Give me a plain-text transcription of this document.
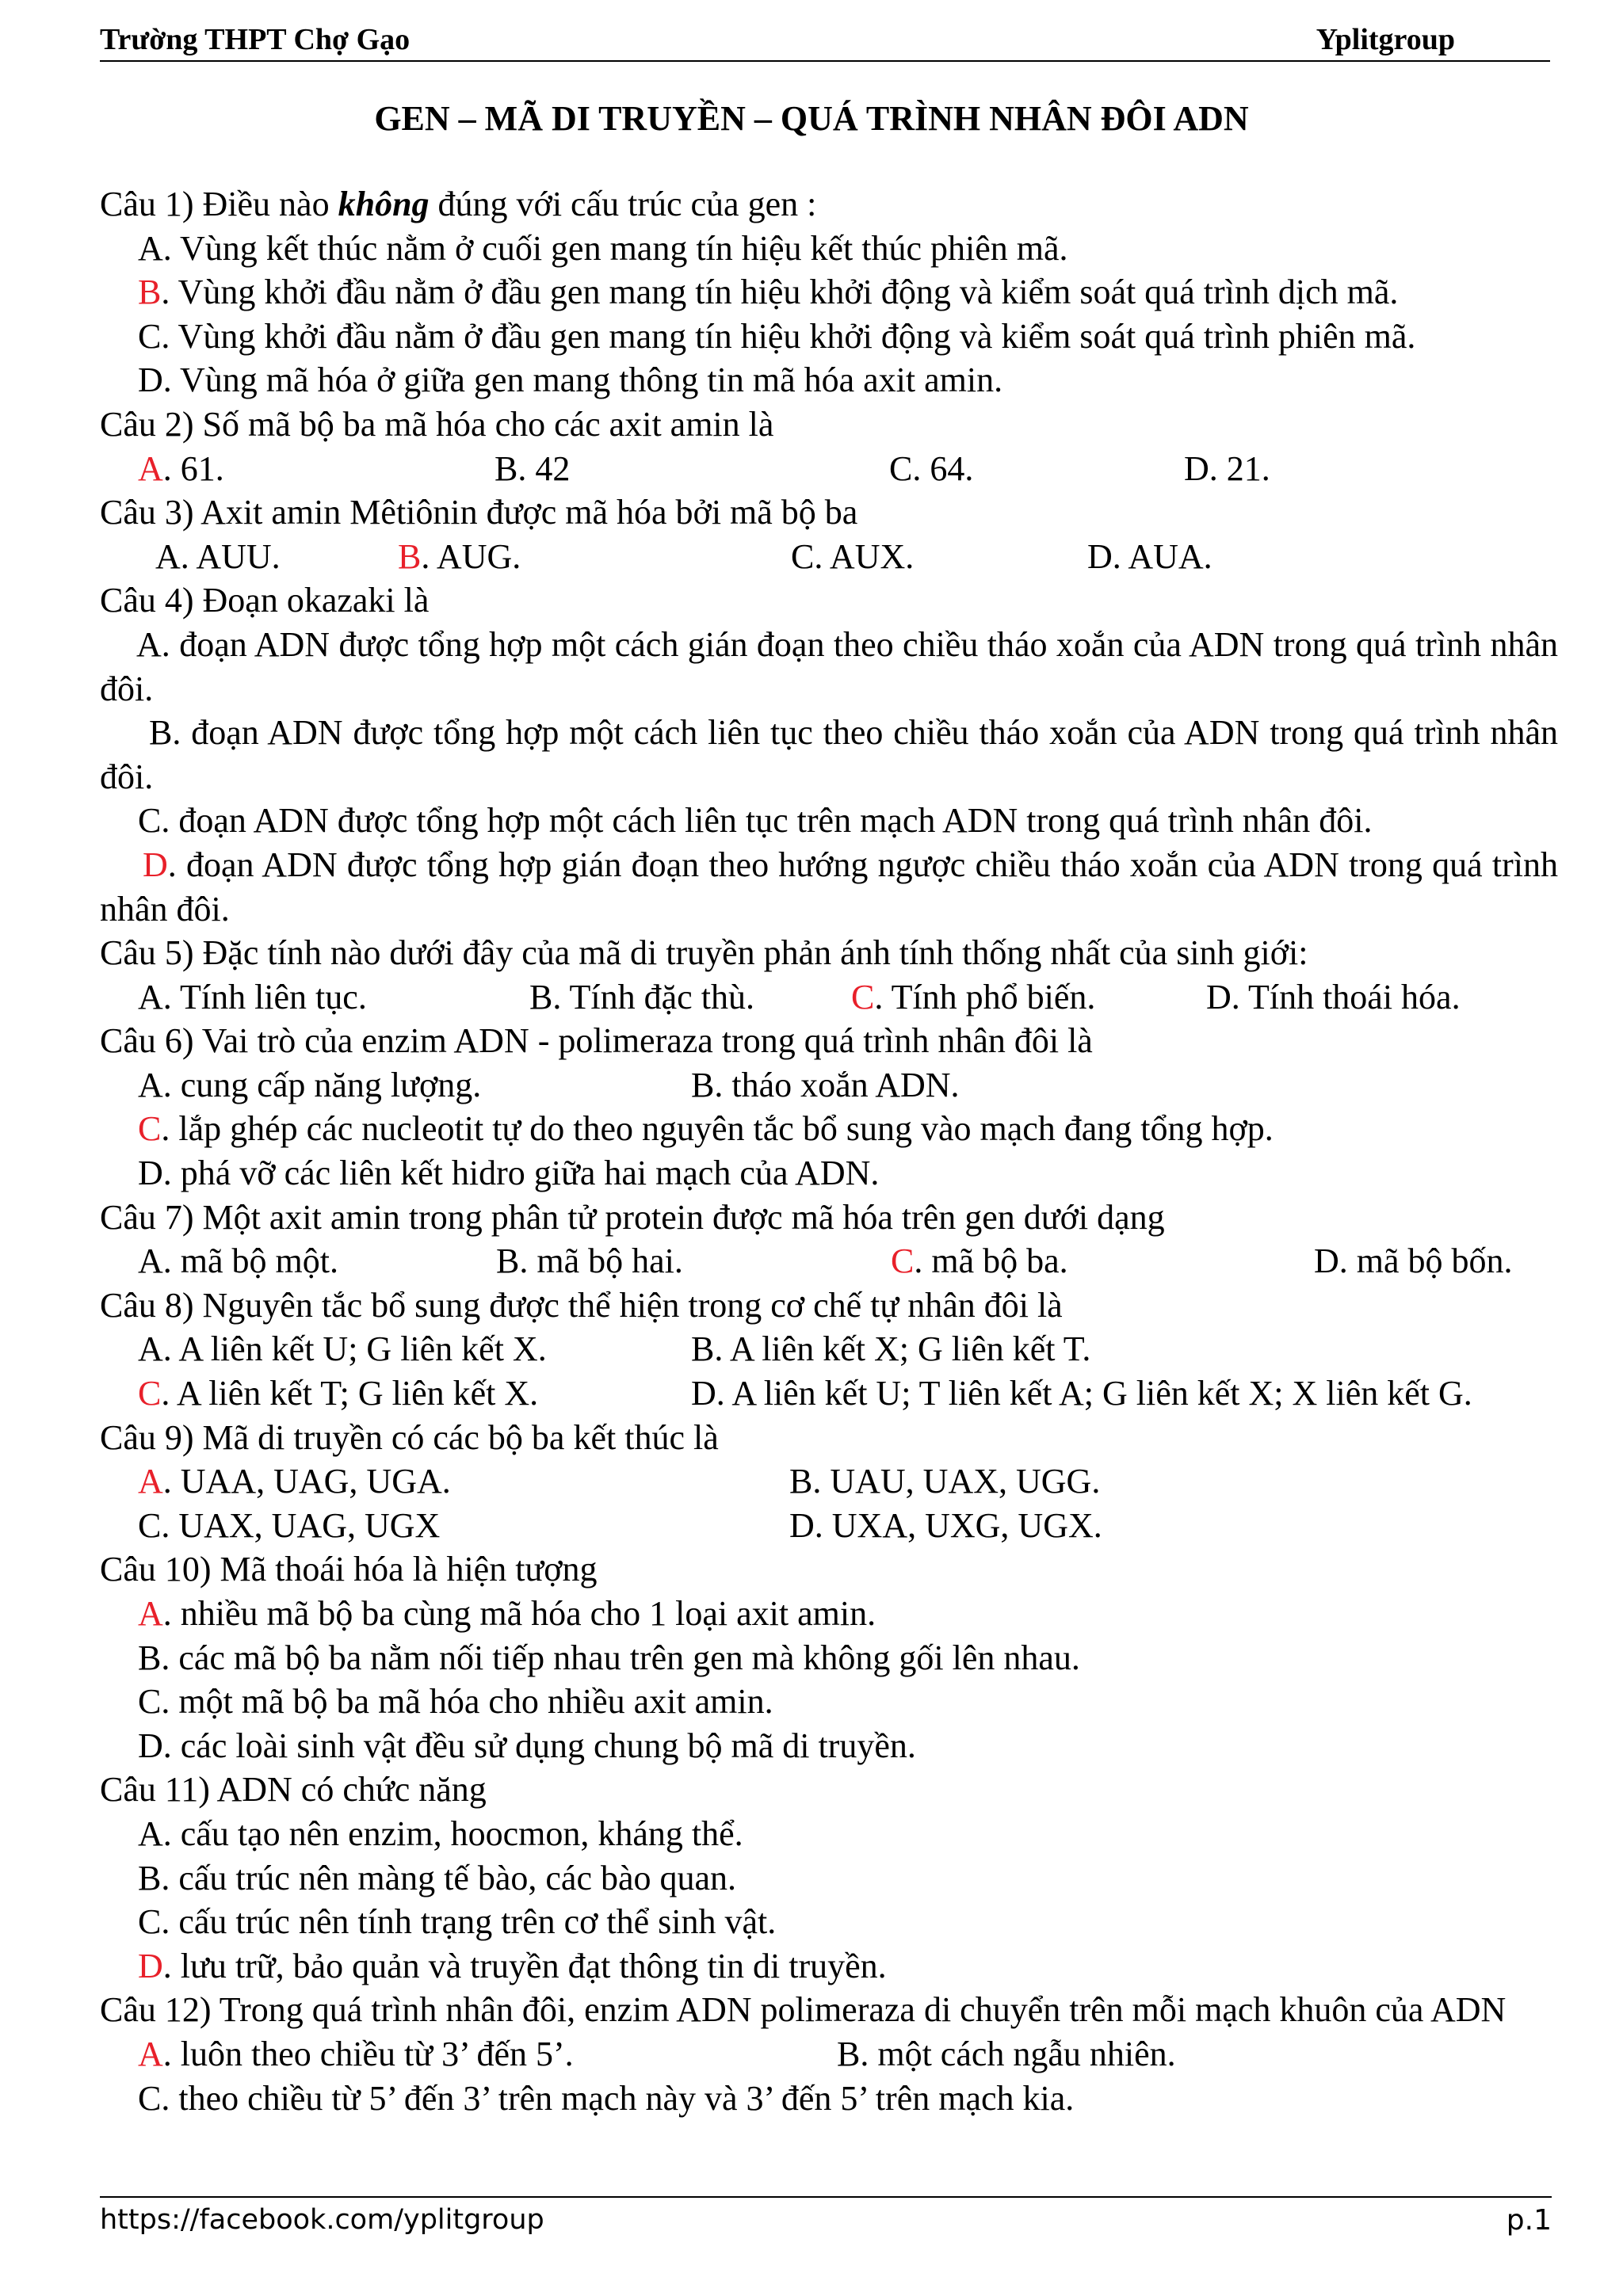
Trường THPT Chợ Gạo	Yplitgroup
GEN – MÃ DI TRUYỀN – QUÁ TRÌNH NHÂN ĐÔI ADN
Câu 1) Điều nào không đúng với cấu trúc của gen :
A. Vùng kết thúc nằm ở cuối gen mang tín hiệu kết thúc phiên mã.
B. Vùng khởi đầu nằm ở đầu gen mang tín hiệu khởi động và kiểm soát quá trình dịch mã.
C. Vùng khởi đầu nằm ở đầu gen mang tín hiệu khởi động và kiểm soát quá trình phiên mã.
D. Vùng mã hóa ở giữa gen mang thông tin mã hóa axit amin.
Câu 2) Số mã bộ ba mã hóa cho các axit amin là
A. 61.	B. 42	C. 64.	D. 21.
Câu 3) Axit amin Mêtiônin được mã hóa bởi mã bộ ba
A. AUU.	B. AUG.	C. AUX.	D. AUA.
Câu 4) Đoạn okazaki là
A. đoạn ADN được tổng hợp một cách gián đoạn theo chiều tháo xoắn của ADN trong quá trình nhân đôi.
B. đoạn ADN được tổng hợp một cách liên tục theo chiều tháo xoắn của ADN trong quá trình nhân đôi.
C. đoạn ADN được tổng hợp một cách liên tục trên mạch ADN trong quá trình nhân đôi.
D. đoạn ADN được tổng hợp gián đoạn theo hướng ngược chiều tháo xoắn của ADN trong quá trình nhân đôi.
Câu 5) Đặc tính nào dưới đây của mã di truyền phản ánh tính thống nhất của sinh giới:
A. Tính liên tục.	B. Tính đặc thù.	C. Tính phổ biến.	D. Tính thoái hóa.
Câu 6) Vai trò của enzim ADN - polimeraza trong quá trình nhân đôi là
A. cung cấp năng lượng.	B. tháo xoắn ADN.
C. lắp ghép các nucleotit tự do theo nguyên tắc bổ sung vào mạch đang tổng hợp.
D. phá vỡ các liên kết hidro giữa hai mạch của ADN.
Câu 7) Một axit amin trong phân tử protein được mã hóa trên gen dưới dạng
A. mã bộ một.	B. mã bộ hai.	C. mã bộ ba.	D. mã bộ bốn.
Câu 8) Nguyên tắc bổ sung được thể hiện trong cơ chế tự nhân đôi là
A. A liên kết U; G liên kết X.	B. A liên kết X; G liên kết T.
C. A liên kết T; G liên kết X.	D. A liên kết U; T liên kết A; G liên kết X; X liên kết G.
Câu 9) Mã di truyền có các bộ ba kết thúc là
A. UAA, UAG, UGA.	B. UAU, UAX, UGG.
C. UAX, UAG, UGX	D. UXA, UXG, UGX.
Câu 10) Mã thoái hóa là hiện tượng
A. nhiều mã bộ ba cùng mã hóa cho 1 loại axit amin.
B. các mã bộ ba nằm nối tiếp nhau trên gen mà không gối lên nhau.
C. một mã bộ ba mã hóa cho nhiều axit amin.
D. các loài sinh vật đều sử dụng chung bộ mã di truyền.
Câu 11) ADN có chức năng
A. cấu tạo nên enzim, hoocmon, kháng thể.
B. cấu trúc nên màng tế bào, các bào quan.
C. cấu trúc nên tính trạng trên cơ thể sinh vật.
D. lưu trữ, bảo quản và truyền đạt thông tin di truyền.
Câu 12) Trong quá trình nhân đôi, enzim ADN polimeraza di chuyển trên mỗi mạch khuôn của ADN
A. luôn theo chiều từ 3’ đến 5’.	B. một cách ngẫu nhiên.
C. theo chiều từ 5’ đến 3’ trên mạch này và 3’ đến 5’ trên mạch kia.
https://facebook.com/yplitgroup	p.1
